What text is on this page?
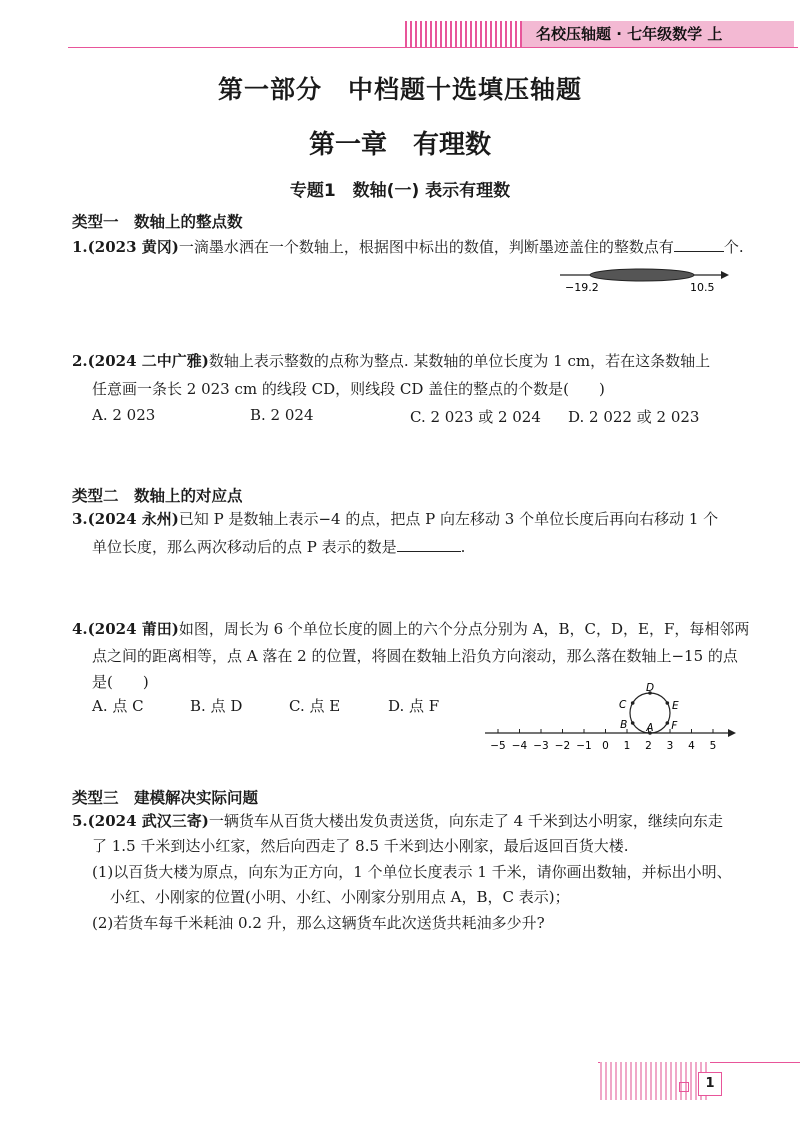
名校压轴题 · 七年级数学 上
第一部分　中档题十选填压轴题
第一章　有理数
专题1　数轴(一) 表示有理数
类型一　数轴上的整点数
1.(2023 黄冈)一滴墨水洒在一个数轴上，根据图中标出的数值，判断墨迹盖住的整数点有	个.
−19.2	10.5
2.(2024 二中广雅)数轴上表示整数的点称为整点. 某数轴的单位长度为 1 cm，若在这条数轴上
任意画一条长 2 023 cm 的线段 CD，则线段 CD 盖住的整点的个数是(　　)
A. 2 023	B. 2 024	C. 2 023 或 2 024 D. 2 022 或 2 023
类型二　数轴上的对应点
3.(2024 永州)已知 P 是数轴上表示−4 的点，把点 P 向左移动 3 个单位长度后再向右移动 1 个
单位长度，那么两次移动后的点 P 表示的数是	.
4.(2024 莆田)如图，周长为 6 个单位长度的圆上的六个分点分别为 A，B，C，D，E，F，每相邻两
点之间的距离相等，点 A 落在 2 的位置，将圆在数轴上沿负方向滚动，那么落在数轴上−15 的点
是(　　)
A. 点 C	B. 点 D	C. 点 E	D. 点 F
−5 −4 −3 −2 −1 0 1 2 3 4 5
A
B
C
D
E
F
类型三　建模解决实际问题
5.(2024 武汉三寄)一辆货车从百货大楼出发负责送货，向东走了 4 千米到达小明家，继续向东走
了 1.5 千米到达小红家，然后向西走了 8.5 千米到达小刚家，最后返回百货大楼.
(1)以百货大楼为原点，向东为正方向，1 个单位长度表示 1 千米，请你画出数轴，并标出小明、
小红、小刚家的位置(小明、小红、小刚家分别用点 A，B，C 表示)；
(2)若货车每千米耗油 0.2 升，那么这辆货车此次送货共耗油多少升?
1
